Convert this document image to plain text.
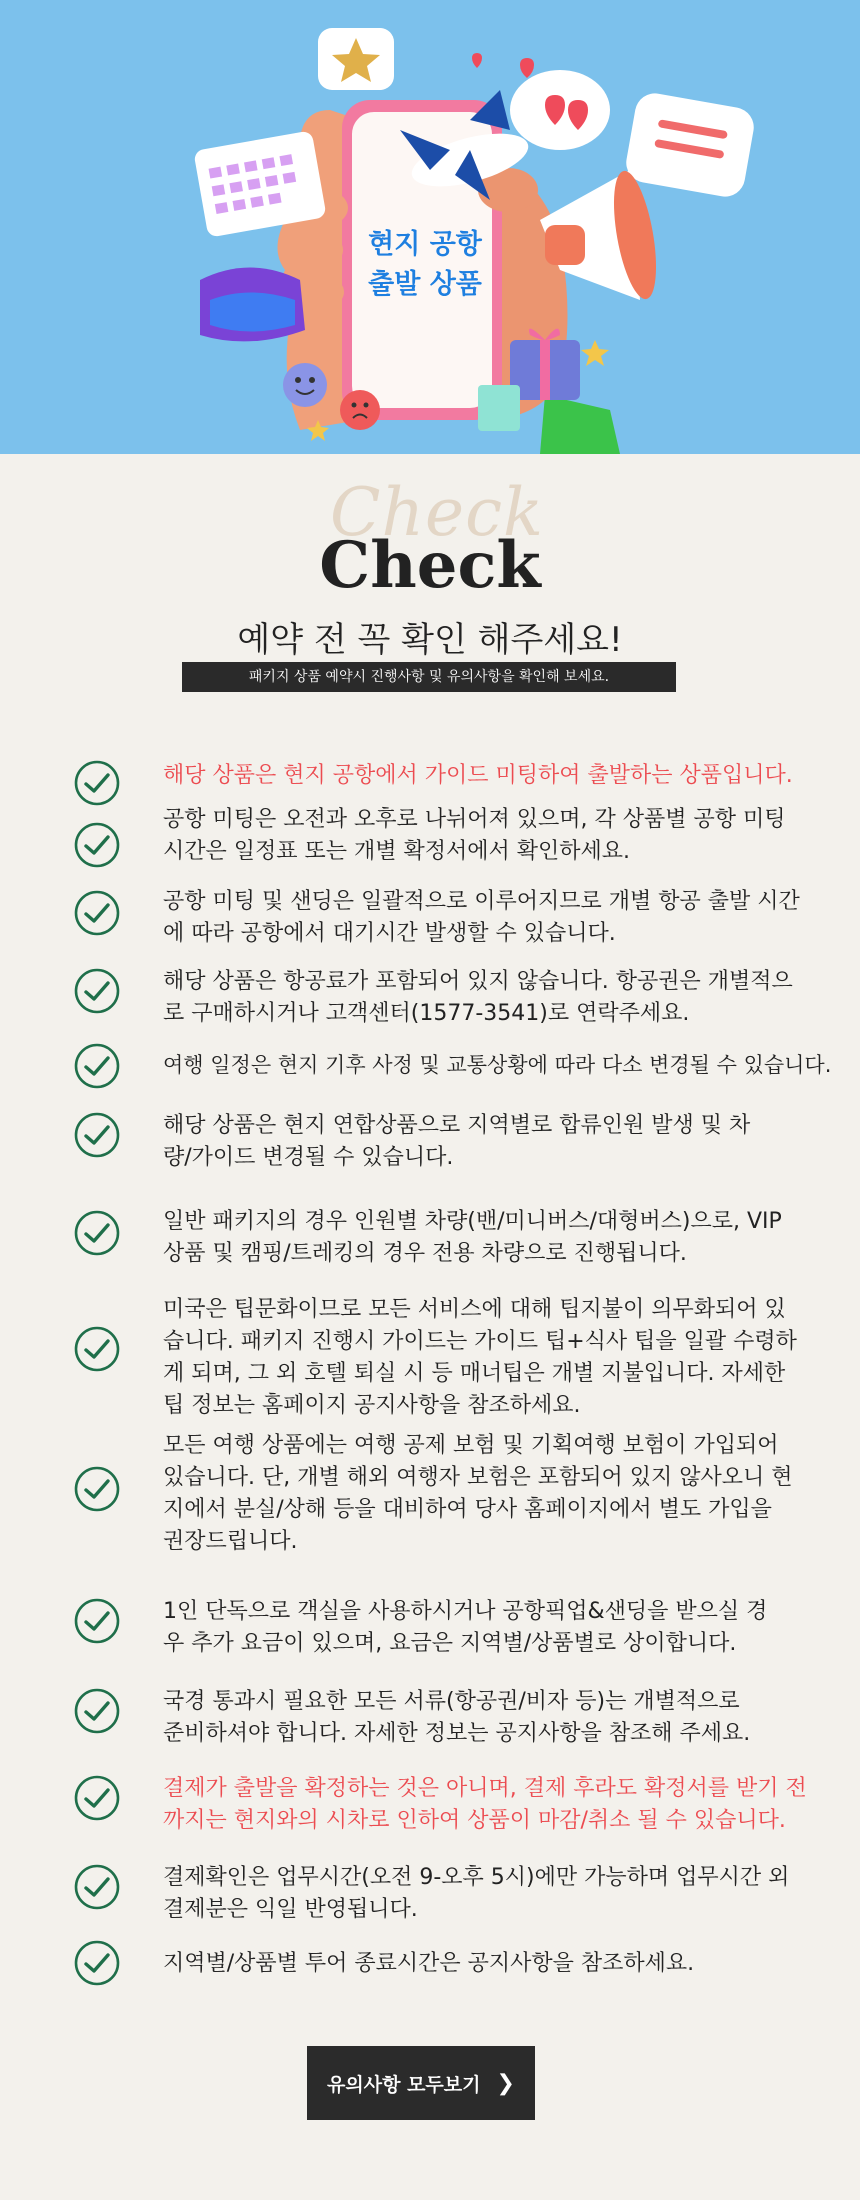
현지 공항
출발 상품
Check
Check
예약 전 꼭 확인 해주세요!
패키지 상품 예약시 진행사항 및 유의사항을 확인해 보세요.
해당 상품은 현지 공항에서 가이드 미팅하여 출발하는 상품입니다.
공항 미팅은 오전과 오후로 나뉘어져 있으며, 각 상품별 공항 미팅
시간은 일정표 또는 개별 확정서에서 확인하세요.
공항 미팅 및 샌딩은 일괄적으로 이루어지므로 개별 항공 출발 시간
에 따라 공항에서 대기시간 발생할 수 있습니다.
해당 상품은 항공료가 포함되어 있지 않습니다. 항공권은 개별적으
로 구매하시거나 고객센터(1577-3541)로 연락주세요.
여행 일정은 현지 기후 사정 및 교통상황에 따라 다소 변경될 수 있습니다.
해당 상품은 현지 연합상품으로 지역별로 합류인원 발생 및 차
량/가이드 변경될 수 있습니다.
일반 패키지의 경우 인원별 차량(밴/미니버스/대형버스)으로, VIP
상품 및 캠핑/트레킹의 경우 전용 차량으로 진행됩니다.
미국은 팁문화이므로 모든 서비스에 대해 팁지불이 의무화되어 있
습니다. 패키지 진행시 가이드는 가이드 팁+식사 팁을 일괄 수령하
게 되며, 그 외 호텔 퇴실 시 등 매너팁은 개별 지불입니다. 자세한
팁 정보는 홈페이지 공지사항을 참조하세요.
모든 여행 상품에는 여행 공제 보험 및 기획여행 보험이 가입되어
있습니다. 단, 개별 해외 여행자 보험은 포함되어 있지 않사오니 현
지에서 분실/상해 등을 대비하여 당사 홈페이지에서 별도 가입을
권장드립니다.
1인 단독으로 객실을 사용하시거나 공항픽업&샌딩을 받으실 경
우 추가 요금이 있으며, 요금은 지역별/상품별로 상이합니다.
국경 통과시 필요한 모든 서류(항공권/비자 등)는 개별적으로
준비하셔야 합니다. 자세한 정보는 공지사항을 참조해 주세요.
결제가 출발을 확정하는 것은 아니며, 결제 후라도 확정서를 받기 전
까지는 현지와의 시차로 인하여 상품이 마감/취소 될 수 있습니다.
결제확인은 업무시간(오전 9-오후 5시)에만 가능하며 업무시간 외
결제분은 익일 반영됩니다.
지역별/상품별 투어 종료시간은 공지사항을 참조하세요.
유의사항 모두보기 ❯
